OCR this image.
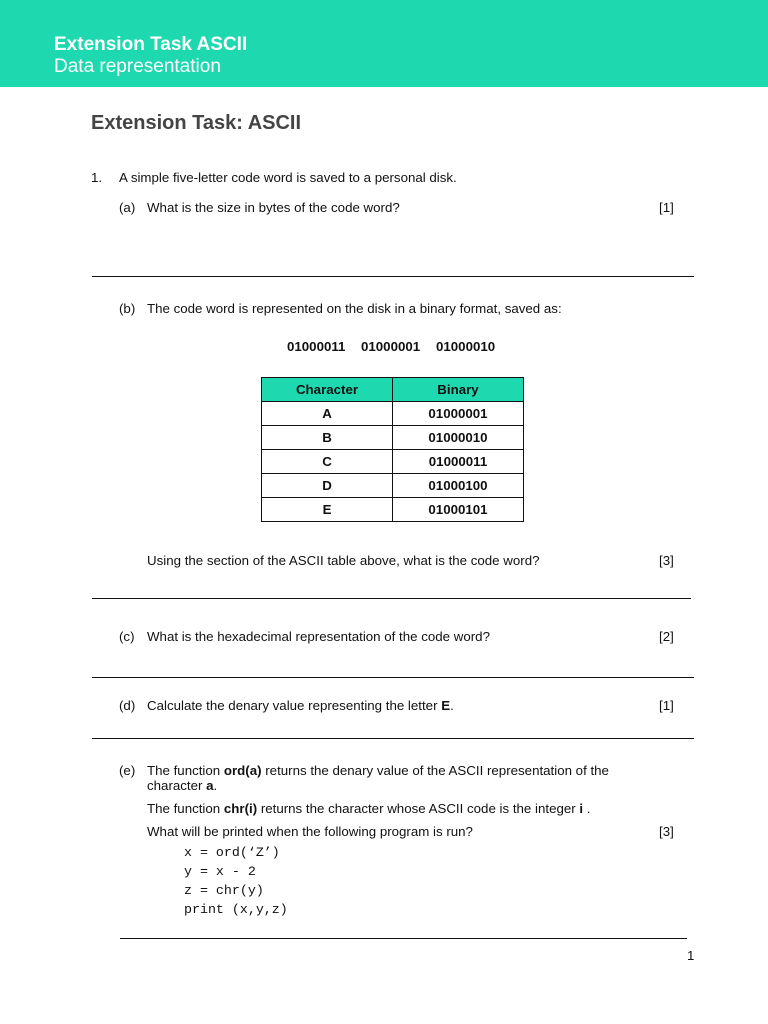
Extension Task ASCII
Data representation
Extension Task: ASCII
1. A simple five-letter code word is saved to a personal disk.
(a) What is the size in bytes of the code word?	[1]
(b) The code word is represented on the disk in a binary format, saved as:
01000011 01000001 01000010
Character	Binary
A	01000001
B	01000010
C	01000011
D	01000100
E	01000101
Using the section of the ASCII table above, what is the code word?	[3]
(c) What is the hexadecimal representation of the code word?	[2]
(d) Calculate the denary value representing the letter E.	[1]
(e) The function ord(a) returns the denary value of the ASCII representation of the
character a.
The function chr(i) returns the character whose ASCII code is the integer i .
What will be printed when the following program is run?	[3]
x = ord(‘Z’)
y = x - 2
z = chr(y)
print (x,y,z)
1
